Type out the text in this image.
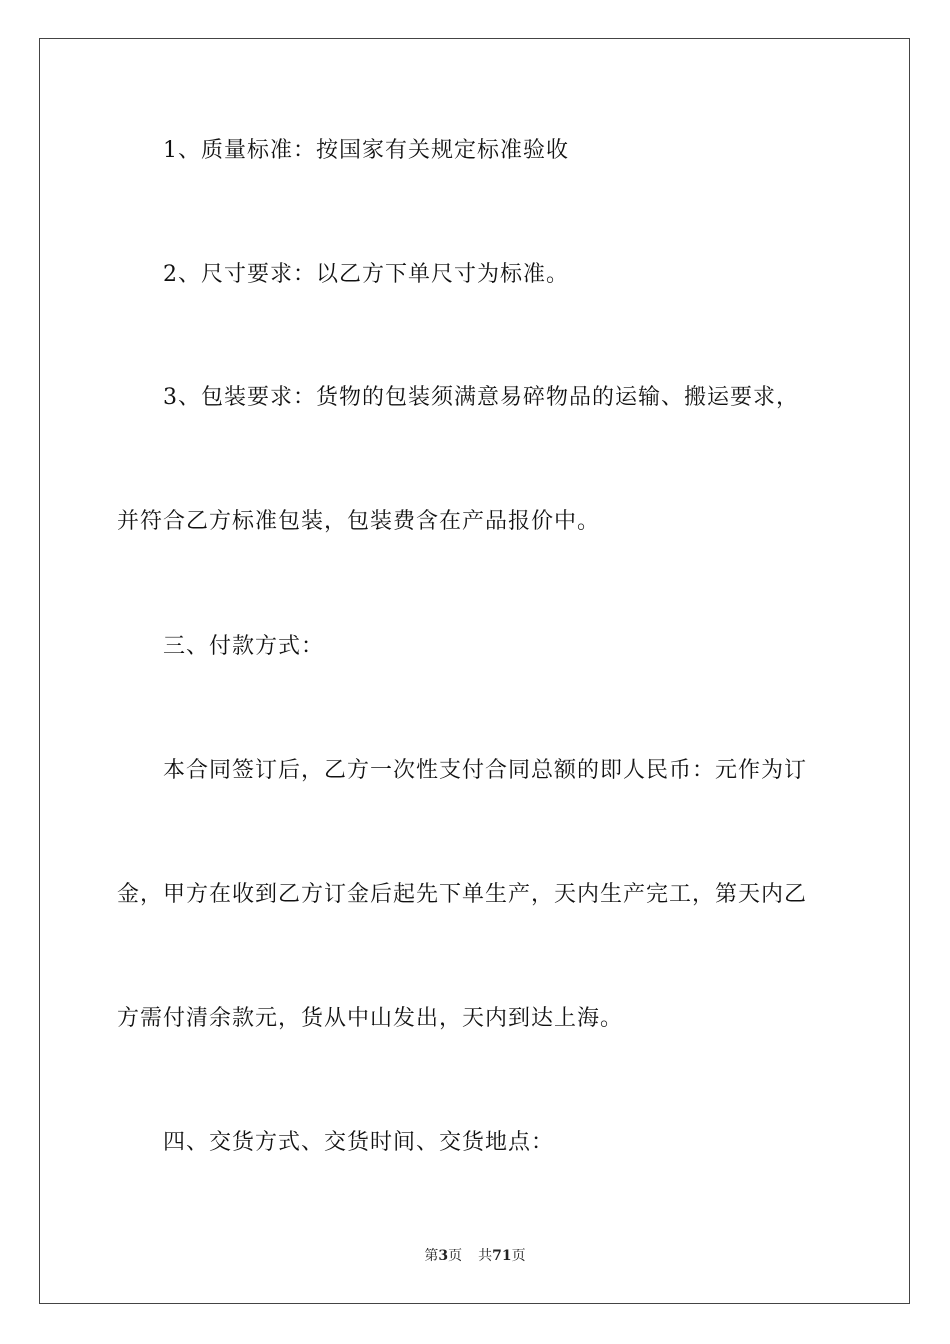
1、质量标准：按国家有关规定标准验收

2、尺寸要求：以乙方下单尺寸为标准。

3、包装要求：货物的包装须满意易碎物品的运输、搬运要求，

并符合乙方标准包装，包装费含在产品报价中。

三、付款方式：

本合同签订后，乙方一次性支付合同总额的即人民币：元作为订

金，甲方在收到乙方订金后起先下单生产，天内生产完工，第天内乙

方需付清余款元，货从中山发出，天内到达上海。

四、交货方式、交货时间、交货地点：

第3页 共71页
